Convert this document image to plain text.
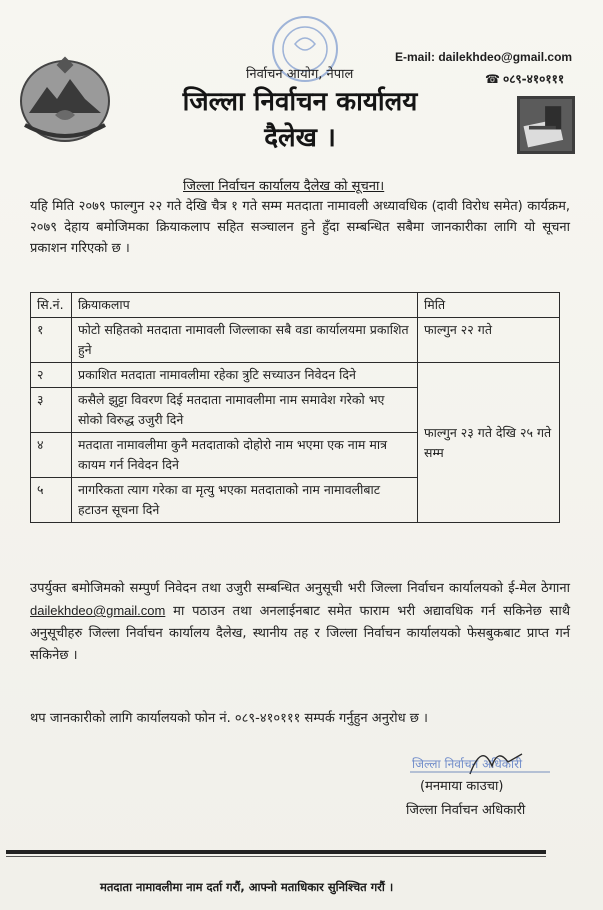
निर्वाचन आयोग, नेपाल
जिल्ला निर्वाचन कार्यालय
दैलेख ।
E-mail: dailekhdeo@gmail.com
☎ ०८९-४१०१११
जिल्ला निर्वाचन कार्यालय दैलेख को सूचना।
यहि मिति २०७९ फाल्गुन २२ गते देखि चैत्र १ गते सम्म मतदाता नामावली अध्यावधिक (दावी विरोध समेत) कार्यक्रम, २०७९ देहाय बमोजिमका क्रियाकलाप सहित सञ्चालन हुने हुँदा सम्बन्धित सबैमा जानकारीका लागि यो सूचना प्रकाशन गरिएको छ ।
सि.नं.	क्रियाकलाप	मिति
१	फोटो सहितको मतदाता नामावली जिल्लाका सबै वडा कार्यालयमा प्रकाशित हुने	फाल्गुन २२ गते
२	प्रकाशित मतदाता नामावलीमा रहेका त्रुटि सच्याउन निवेदन दिने	फाल्गुन २३ गते देखि २५ गते सम्म
३	कसैले झुट्टा विवरण दिई मतदाता नामावलीमा नाम समावेश गरेको भए सोको विरुद्ध उजुरी दिने	
४	मतदाता नामावलीमा कुनै मतदाताको दोहोरो नाम भएमा एक नाम मात्र कायम गर्न निवेदन दिने	
५	नागरिकता त्याग गरेका वा मृत्यु भएका मतदाताको नाम नामावलीबाट हटाउन सूचना दिने	
उपर्युक्त बमोजिमको सम्पुर्ण निवेदन तथा उजुरी सम्बन्धित अनुसूची भरी जिल्ला निर्वाचन कार्यालयको ई-मेल ठेगाना dailekhdeo@gmail.com मा पठाउन तथा अनलाईनबाट समेत फाराम भरी अद्यावधिक गर्न सकिनेछ साथै अनुसूचीहरु जिल्ला निर्वाचन कार्यालय दैलेख, स्थानीय तह र जिल्ला निर्वाचन कार्यालयको फेसबुकबाट प्राप्त गर्न सकिनेछ ।
थप जानकारीको लागि कार्यालयको फोन नं. ०८९-४१०१११ सम्पर्क गर्नुहुन अनुरोध छ ।
जिल्ला निर्वाचन अधिकारी
(मनमाया काउचा)
जिल्ला निर्वाचन अधिकारी
मतदाता नामावलीमा नाम दर्ता गरौं, आफ्नो मताधिकार सुनिश्चित गरौं ।
